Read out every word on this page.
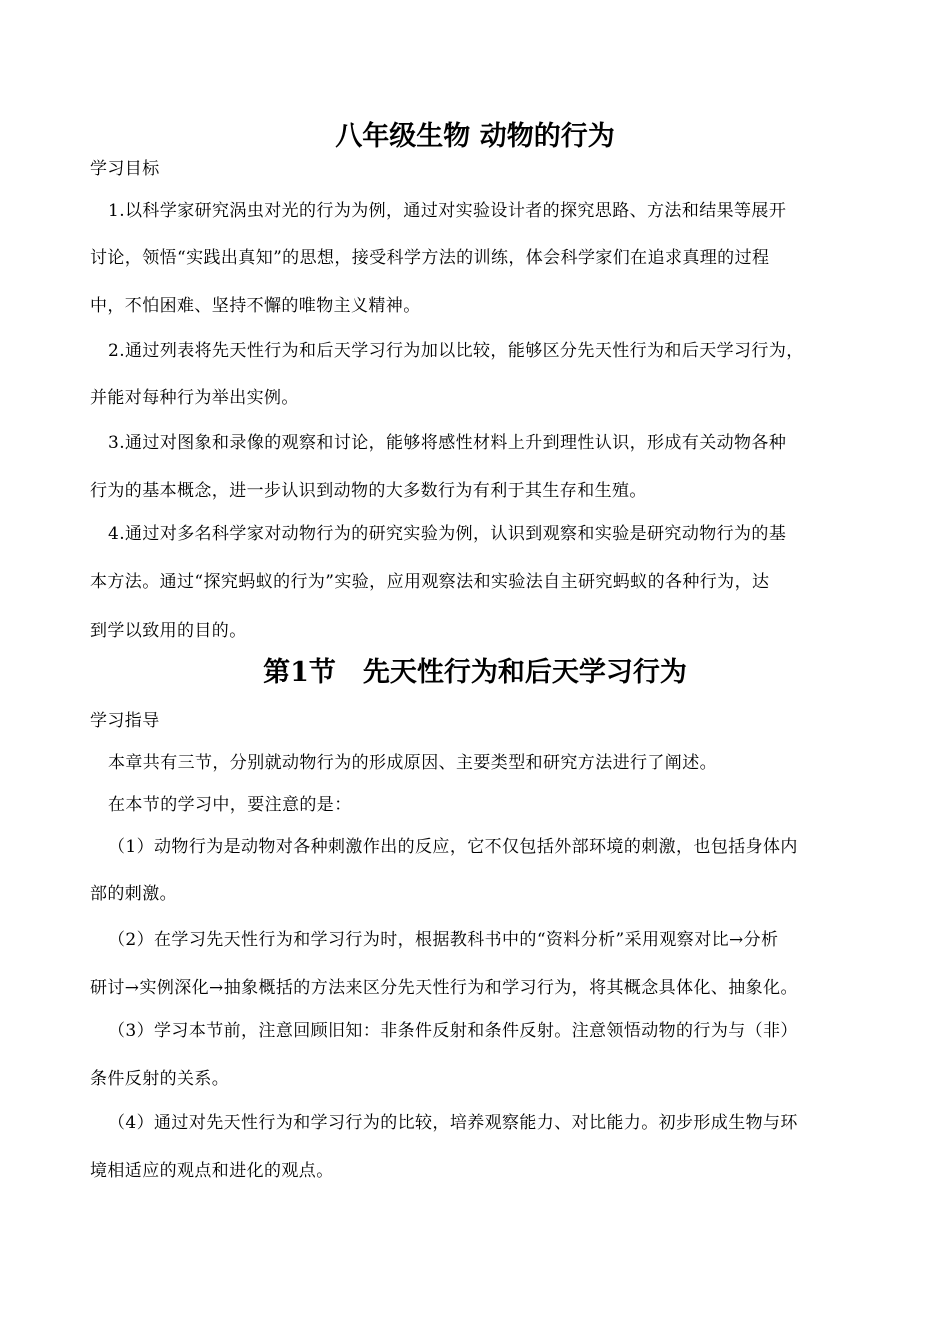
八年级生物 动物的行为
学习目标
1.以科学家研究涡虫对光的行为为例，通过对实验设计者的探究思路、方法和结果等展开
讨论，领悟“实践出真知”的思想，接受科学方法的训练，体会科学家们在追求真理的过程
中，不怕困难、坚持不懈的唯物主义精神。
2.通过列表将先天性行为和后天学习行为加以比较，能够区分先天性行为和后天学习行为，
并能对每种行为举出实例。
3.通过对图象和录像的观察和讨论，能够将感性材料上升到理性认识，形成有关动物各种
行为的基本概念，进一步认识到动物的大多数行为有利于其生存和生殖。
4.通过对多名科学家对动物行为的研究实验为例，认识到观察和实验是研究动物行为的基
本方法。通过“探究蚂蚁的行为”实验，应用观察法和实验法自主研究蚂蚁的各种行为，达
到学以致用的目的。
第1节　先天性行为和后天学习行为
学习指导
本章共有三节，分别就动物行为的形成原因、主要类型和研究方法进行了阐述。
在本节的学习中，要注意的是：
（1）动物行为是动物对各种刺激作出的反应，它不仅包括外部环境的刺激，也包括身体内
部的刺激。
（2）在学习先天性行为和学习行为时，根据教科书中的“资料分析”采用观察对比→分析
研讨→实例深化→抽象概括的方法来区分先天性行为和学习行为，将其概念具体化、抽象化。
（3）学习本节前，注意回顾旧知：非条件反射和条件反射。注意领悟动物的行为与（非）
条件反射的关系。
（4）通过对先天性行为和学习行为的比较，培养观察能力、对比能力。初步形成生物与环
境相适应的观点和进化的观点。
